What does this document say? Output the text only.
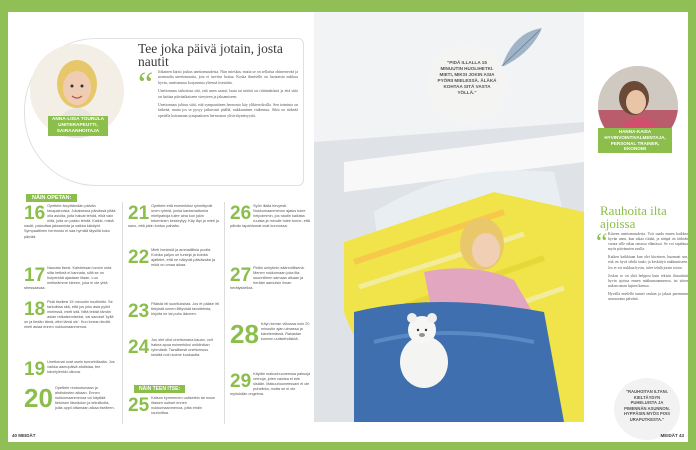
ANNA-LIISA TOURULA
UNITERAPEUTTI, SAIRAANHOITAJA
Tee joka päivä jotain, josta nautit
“ Jokainen kärsii joskus unettomuudesta. Niin mieskin, mutta se on sellaista ohimenevää ja normaalia unettomuutta, jota ei tarvitse hoitaa. Koska ihmiselle on luontaista nukkua hyvin, unettomuus korjaantuu yleensä itsestään.

Unettomuus tarkoittaa sitä, että unen saanti, laatu tai määrä on riittämätöntä ja että siitä on haittaa päiväaikaiseen vireyteen ja jaksamiseen.

Unettomuus johtuu siitä, että sympaattinen hermosto käy ylikierroksilla. Sen toiminta on tärkeää, mutta jos se pysyy jatkuvasti päällä, nukkuminen vaikeutuu. Siksi on tärkeää opetella hoitamaan sympaattisen hermoston ylivirittyneisyyttä.

NÄIN OPETAN:
16 Opettele ärsyttämään päivän tavapainoisia. Jokaisessa päivässä pitää olla asioita, joita haluat tehdä, eikä vain niitä, joita on pakko tehdä. Kaikki, mistä nautit, palauttaa jaksamista ja vaikka käsityöt. Sympaattinen hermosto ei saa hyrrätä täysillä koko päivää.
17 Naurata itsesi. Kahdeksan tunnin unta silta hetkeä ei kannata, sillä se on huipentää ajastaan iltaan. Luo melkeämme kiireen, joka ei ole yhtä stressaavaa.
18 Pidä itsellesi 15 minuutin huolihetki. Se tarkoittaa sitä, että jos joku asia pyörii mielessä, mieti sitä. Mitä tekisit tämän asian ratkaisemiseksi, vai sanoisit 'kyllä on ja tiedän tämä, ettei tämä ole'. Kun kerran tiedät, mieti asiaa ennen nukkumaanmenoa.
19 Unettomat ovat usein tunnetrikkaita. Jos vaikka aamupäivä ahdistaa, tee kävelylenkki ulkona.
20 Opettele rentoutumaan ja ahdistusten aikaan. Ennen nukkumaanmenoa voi käyttää tietoisen läsnäolon ja tekniikoita, joilla oppii ottamaan aikaa itselleen.
21 Opettele että esimerkiksi ryhmittyvät unen rytmiä, jonka kantamattomia mielipahoja tulee aina kun jokin tekeminen keskeytyy. Käy läpi ja mieti ja sano, että jokin tuntuu pahalta.
22 Mieti henkisiä ja ammatillisia puolia. Kuinka paljon on tunteja ja kuinka ajattelet, että ne näkyvät päivässäsi ja mikä on omaa aikaa.
23 Päästä irti suorituksista. Jos et pääse irti tietyistä uneen liittyvistä tavoitteista, kirjoita ne tai puhu ääneen.
24 Jos olet ollut unettomana kauan, voit hakea apua esimerkiksi uniklinikan ryhmästä. Tavallisesti unettomuus kestää noin kolme kuukautta.
NÄIN TEEN ITSE:
25 Katson kymmenen uutisetkin tai muun iltaisen uutiset ennen nukkumaanmenoa, jotta ehdin rauhoittua.
26 Syön illalla kevyesti. Nukkumaanmenon ajatus tulee helpoimmin, jos nautin kaikista ruuista ja minulle tulee tunne, että päivän tapahtumat ovat kunnossa.
27 Pidän unirytmin säännöllisenä. Menen nukkumaan joka ilta suunnilleen samaan aikaan ja herään aamuisin ilman herätyskelloa.
28 Käyn kerran viikossa noin 20 minuutin ajan uimassa ja kävelemässä. Rakastan kunnon uutislehdistöä.
29 Käytän makuuhuoneessa paksuja verhoja, joten valoisa ei tule sisään. Makuuhuoneessani ei ole puhelinta, mutta se ei ole myöskään ongelma.
"PIDÄ ILLALLA 15 MINUUTIN HUOLIHETKI. MIETI, MIKSI JOKIN ASIA PYÖRII MIELESSÄ. ÄLÄKÄ KOHTAA SITÄ VASTA YÖLLÄ."
HANNA-KAISA
HYVINVOINTIVALMENTAJA, PERSONAL TRAINER, EKONOMI
Rauhoita ilta ajoissa
“ Kiireen unettomuudesta. Voit saada ennen kaikkea hyvän unen, kun aikaa riittää, ja niinpä on tärkeää varata sille aikaa omassa elämässä. Se voi tapahtua myös päiväunien avulla.

Kaiken kaikkiaan kun olet kiireinen, huomaat sen, että on hyvä tehdä tauko ja keskittyä nukkumiseen. Jos et voi nukkua hyvin, tulee tehdä jotain toisin.

Joskus se on yhtä helppoa kuin tekisin iltarutiinit hyvin ajoissa ennen nukkumaanmenoa, tai sitten nukun oman lapsen kanssa.

Hyvällä mielellä tunnet rauhan ja jaksat paremmin seuraavana päivänä.

"RAUHOITAN ILTANI. KIELTÄYDYN PUHELUISTA JA PIMENNÄN ASUNNON. HYPPÄSIN MYÖS POIS URAPUTKESTA."
40 MEIDÄT	MEIDÄT 43
